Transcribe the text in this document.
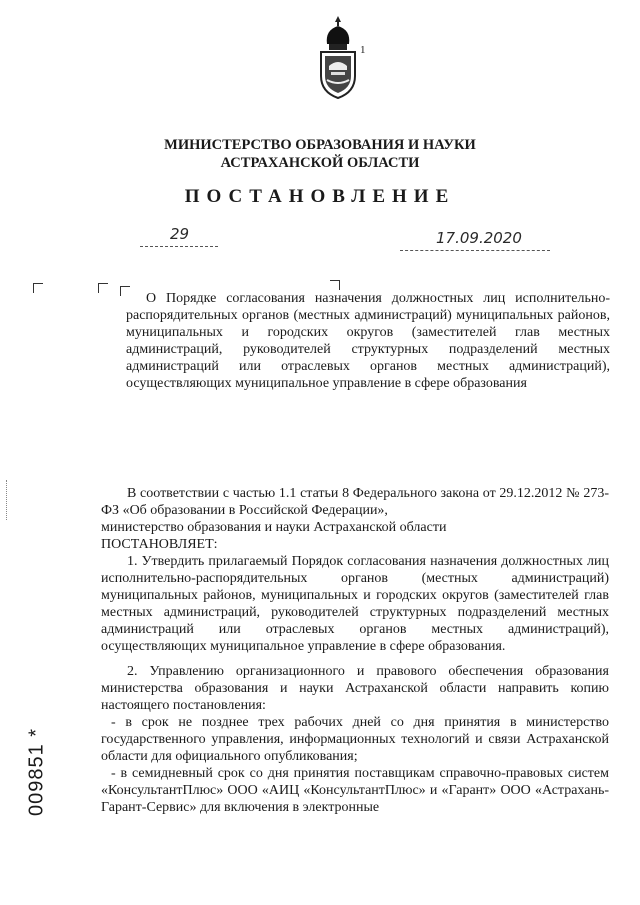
1
МИНИСТЕРСТВО ОБРАЗОВАНИЯ И НАУКИ
АСТРАХАНСКОЙ ОБЛАСТИ
ПОСТАНОВЛЕНИЕ
29	17.09.2020

О Порядке согласования назначения должностных лиц исполнительно-распорядительных органов (местных администраций) муниципальных районов, муниципальных и городских округов (заместителей глав местных администраций, руководителей структурных подразделений местных администраций или отраслевых органов местных администраций), осуществляющих муниципальное управление в сфере образования

В соответствии с частью 1.1 статьи 8 Федерального закона от 29.12.2012 № 273-ФЗ «Об образовании в Российской Федерации»,

министерство образования и науки Астраханской области

ПОСТАНОВЛЯЕТ:

1. Утвердить прилагаемый Порядок согласования назначения должностных лиц исполнительно-распорядительных органов (местных администраций) муниципальных районов, муниципальных и городских округов (заместителей глав местных администраций, руководителей структурных подразделений местных администраций или отраслевых органов местных администраций), осуществляющих муниципальное управление в сфере образования.

2. Управлению организационного и правового обеспечения образования министерства образования и науки Астраханской области направить копию настоящего постановления:

- в срок не позднее трех рабочих дней со дня принятия в министерство государственного управления, информационных технологий и связи Астраханской области для официального опубликования;

- в семидневный срок со дня принятия поставщикам справочно-правовых систем «КонсультантПлюс» ООО «АИЦ «КонсультантПлюс» и «Гарант» ООО «Астрахань-Гарант-Сервис» для включения в электронные

009851 *
